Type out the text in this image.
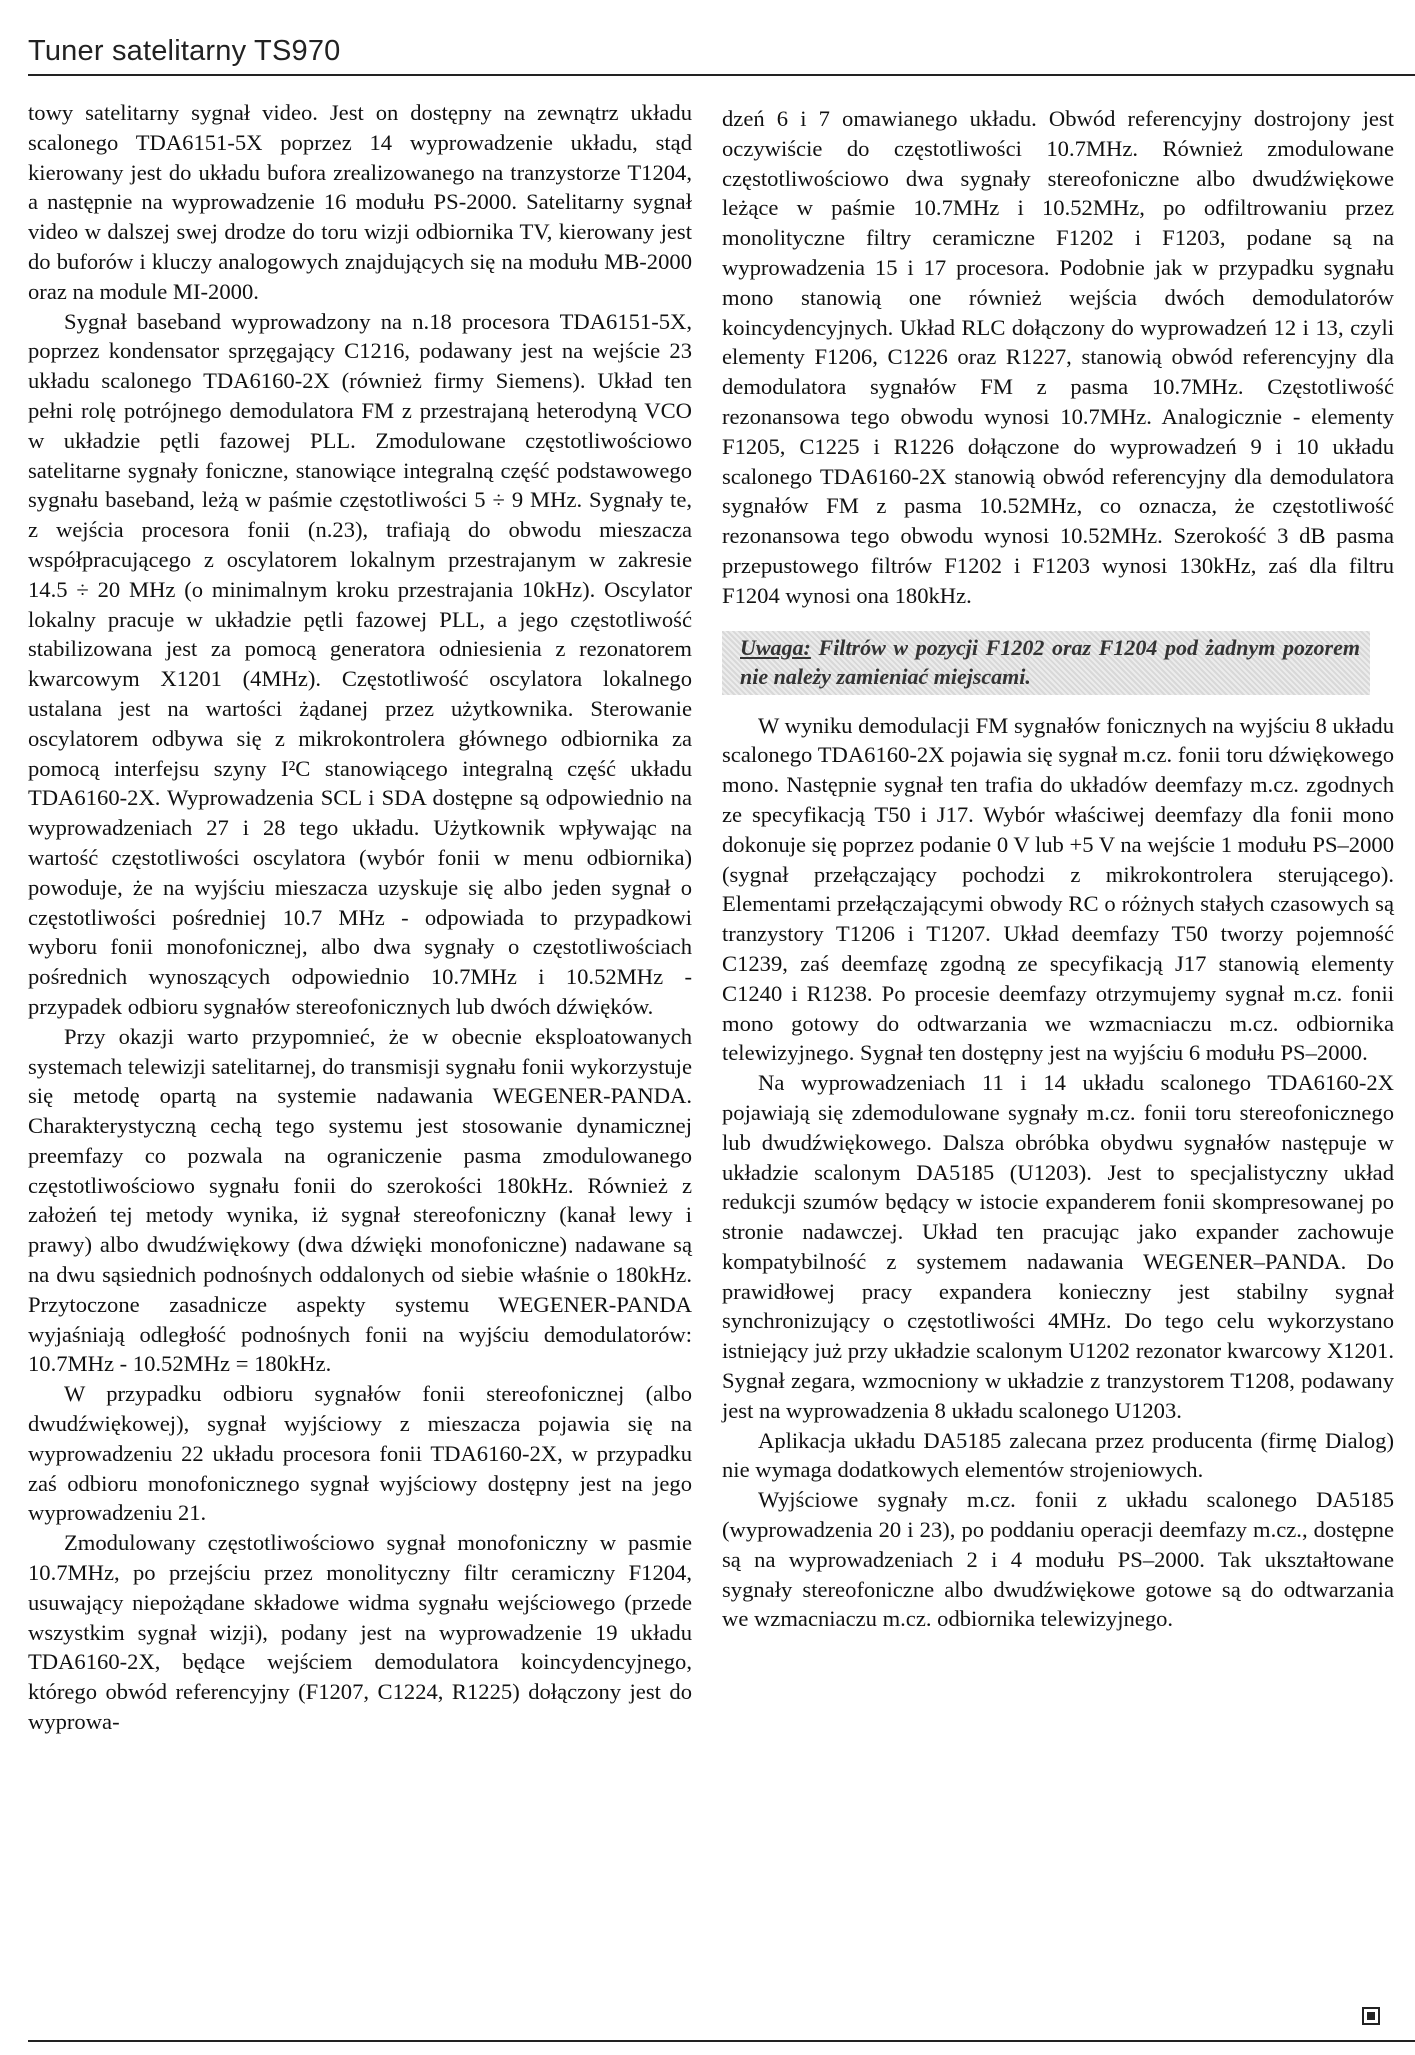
Tuner satelitarny TS970

towy satelitarny sygnał video. Jest on dostępny na zewnątrz układu scalonego TDA6151-5X poprzez 14 wyprowadzenie układu, stąd kierowany jest do układu bufora zrealizowanego na tranzystorze T1204, a następnie na wyprowadzenie 16 modułu PS-2000. Satelitarny sygnał video w dalszej swej drodze do toru wizji odbiornika TV, kierowany jest do buforów i kluczy analogowych znajdujących się na modułu MB-2000 oraz na module MI-2000.

Sygnał baseband wyprowadzony na n.18 procesora TDA6151-5X, poprzez kondensator sprzęgający C1216, podawany jest na wejście 23 układu scalonego TDA6160-2X (również firmy Siemens). Układ ten pełni rolę potrójnego demodulatora FM z przestrajaną heterodyną VCO w układzie pętli fazowej PLL. Zmodulowane częstotliwościowo satelitarne sygnały foniczne, stanowiące integralną część podstawowego sygnału baseband, leżą w paśmie częstotliwości 5 ÷ 9 MHz. Sygnały te, z wejścia procesora fonii (n.23), trafiają do obwodu mieszacza współpracującego z oscylatorem lokalnym przestrajanym w zakresie 14.5 ÷ 20 MHz (o minimalnym kroku przestrajania 10kHz). Oscylator lokalny pracuje w układzie pętli fazowej PLL, a jego częstotliwość stabilizowana jest za pomocą generatora odniesienia z rezonatorem kwarcowym X1201 (4MHz). Częstotliwość oscylatora lokalnego ustalana jest na wartości żądanej przez użytkownika. Sterowanie oscylatorem odbywa się z mikrokontrolera głównego odbiornika za pomocą interfejsu szyny I²C stanowiącego integralną część układu TDA6160-2X. Wyprowadzenia SCL i SDA dostępne są odpowiednio na wyprowadzeniach 27 i 28 tego układu. Użytkownik wpływając na wartość częstotliwości oscylatora (wybór fonii w menu odbiornika) powoduje, że na wyjściu mieszacza uzyskuje się albo jeden sygnał o częstotliwości pośredniej 10.7 MHz - odpowiada to przypadkowi wyboru fonii monofonicznej, albo dwa sygnały o częstotliwościach pośrednich wynoszących odpowiednio 10.7MHz i 10.52MHz - przypadek odbioru sygnałów stereofonicznych lub dwóch dźwięków.

Przy okazji warto przypomnieć, że w obecnie eksploatowanych systemach telewizji satelitarnej, do transmisji sygnału fonii wykorzystuje się metodę opartą na systemie nadawania WEGENER-PANDA. Charakterystyczną cechą tego systemu jest stosowanie dynamicznej preemfazy co pozwala na ograniczenie pasma zmodulowanego częstotliwościowo sygnału fonii do szerokości 180kHz. Również z założeń tej metody wynika, iż sygnał stereofoniczny (kanał lewy i prawy) albo dwudźwiękowy (dwa dźwięki monofoniczne) nadawane są na dwu sąsiednich podnośnych oddalonych od siebie właśnie o 180kHz. Przytoczone zasadnicze aspekty systemu WEGENER-PANDA wyjaśniają odległość podnośnych fonii na wyjściu demodulatorów: 10.7MHz - 10.52MHz = 180kHz.

W przypadku odbioru sygnałów fonii stereofonicznej (albo dwudźwiękowej), sygnał wyjściowy z mieszacza pojawia się na wyprowadzeniu 22 układu procesora fonii TDA6160-2X, w przypadku zaś odbioru monofonicznego sygnał wyjściowy dostępny jest na jego wyprowadzeniu 21.

Zmodulowany częstotliwościowo sygnał monofoniczny w pasmie 10.7MHz, po przejściu przez monolityczny filtr ceramiczny F1204, usuwający niepożądane składowe widma sygnału wejściowego (przede wszystkim sygnał wizji), podany jest na wyprowadzenie 19 układu TDA6160-2X, będące wejściem demodulatora koincydencyjnego, którego obwód referencyjny (F1207, C1224, R1225) dołączony jest do wyprowa-

dzeń 6 i 7 omawianego układu. Obwód referencyjny dostrojony jest oczywiście do częstotliwości 10.7MHz. Również zmodulowane częstotliwościowo dwa sygnały stereofoniczne albo dwudźwiękowe leżące w paśmie 10.7MHz i 10.52MHz, po odfiltrowaniu przez monolityczne filtry ceramiczne F1202 i F1203, podane są na wyprowadzenia 15 i 17 procesora. Podobnie jak w przypadku sygnału mono stanowią one również wejścia dwóch demodulatorów koincydencyjnych. Układ RLC dołączony do wyprowadzeń 12 i 13, czyli elementy F1206, C1226 oraz R1227, stanowią obwód referencyjny dla demodulatora sygnałów FM z pasma 10.7MHz. Częstotliwość rezonansowa tego obwodu wynosi 10.7MHz. Analogicznie - elementy F1205, C1225 i R1226 dołączone do wyprowadzeń 9 i 10 układu scalonego TDA6160-2X stanowią obwód referencyjny dla demodulatora sygnałów FM z pasma 10.52MHz, co oznacza, że częstotliwość rezonansowa tego obwodu wynosi 10.52MHz. Szerokość 3 dB pasma przepustowego filtrów F1202 i F1203 wynosi 130kHz, zaś dla filtru F1204 wynosi ona 180kHz.

Uwaga: Filtrów w pozycji F1202 oraz F1204 pod żadnym pozorem nie należy zamieniać miejscami.

W wyniku demodulacji FM sygnałów fonicznych na wyjściu 8 układu scalonego TDA6160-2X pojawia się sygnał m.cz. fonii toru dźwiękowego mono. Następnie sygnał ten trafia do układów deemfazy m.cz. zgodnych ze specyfikacją T50 i J17. Wybór właściwej deemfazy dla fonii mono dokonuje się poprzez podanie 0 V lub +5 V na wejście 1 modułu PS–2000 (sygnał przełączający pochodzi z mikrokontrolera sterującego). Elementami przełączającymi obwody RC o różnych stałych czasowych są tranzystory T1206 i T1207. Układ deemfazy T50 tworzy pojemność C1239, zaś deemfazę zgodną ze specyfikacją J17 stanowią elementy C1240 i R1238. Po procesie deemfazy otrzymujemy sygnał m.cz. fonii mono gotowy do odtwarzania we wzmacniaczu m.cz. odbiornika telewizyjnego. Sygnał ten dostępny jest na wyjściu 6 modułu PS–2000.

Na wyprowadzeniach 11 i 14 układu scalonego TDA6160-2X pojawiają się zdemodulowane sygnały m.cz. fonii toru stereofonicznego lub dwudźwiękowego. Dalsza obróbka obydwu sygnałów następuje w układzie scalonym DA5185 (U1203). Jest to specjalistyczny układ redukcji szumów będący w istocie expanderem fonii skompresowanej po stronie nadawczej. Układ ten pracując jako expander zachowuje kompatybilność z systemem nadawania WEGENER–PANDA. Do prawidłowej pracy expandera konieczny jest stabilny sygnał synchronizujący o częstotliwości 4MHz. Do tego celu wykorzystano istniejący już przy układzie scalonym U1202 rezonator kwarcowy X1201. Sygnał zegara, wzmocniony w układzie z tranzystorem T1208, podawany jest na wyprowadzenia 8 układu scalonego U1203.

Aplikacja układu DA5185 zalecana przez producenta (firmę Dialog) nie wymaga dodatkowych elementów strojeniowych.

Wyjściowe sygnały m.cz. fonii z układu scalonego DA5185 (wyprowadzenia 20 i 23), po poddaniu operacji deemfazy m.cz., dostępne są na wyprowadzeniach 2 i 4 modułu PS–2000. Tak ukształtowane sygnały stereofoniczne albo dwudźwiękowe gotowe są do odtwarzania we wzmacniaczu m.cz. odbiornika telewizyjnego.
